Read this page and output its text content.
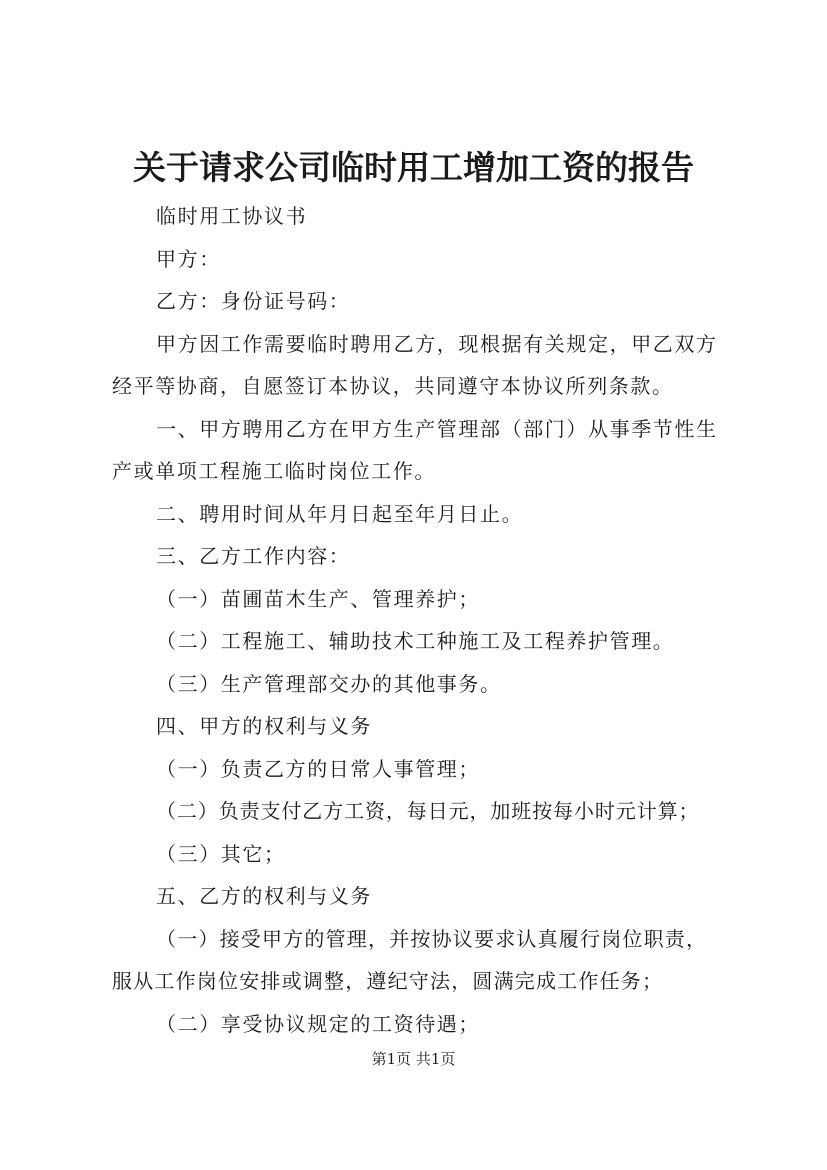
关于请求公司临时用工增加工资的报告

临时用工协议书

甲方：

乙方：身份证号码：

甲方因工作需要临时聘用乙方，现根据有关规定，甲乙双方

经平等协商，自愿签订本协议，共同遵守本协议所列条款。

一、甲方聘用乙方在甲方生产管理部（部门）从事季节性生

产或单项工程施工临时岗位工作。

二、聘用时间从年月日起至年月日止。

三、乙方工作内容：

（一）苗圃苗木生产、管理养护；

（二）工程施工、辅助技术工种施工及工程养护管理。

（三）生产管理部交办的其他事务。

四、甲方的权利与义务

（一）负责乙方的日常人事管理；

（二）负责支付乙方工资，每日元，加班按每小时元计算；

（三）其它；

五、乙方的权利与义务

（一）接受甲方的管理，并按协议要求认真履行岗位职责，

服从工作岗位安排或调整，遵纪守法，圆满完成工作任务；

（二）享受协议规定的工资待遇；

第1页 共1页
